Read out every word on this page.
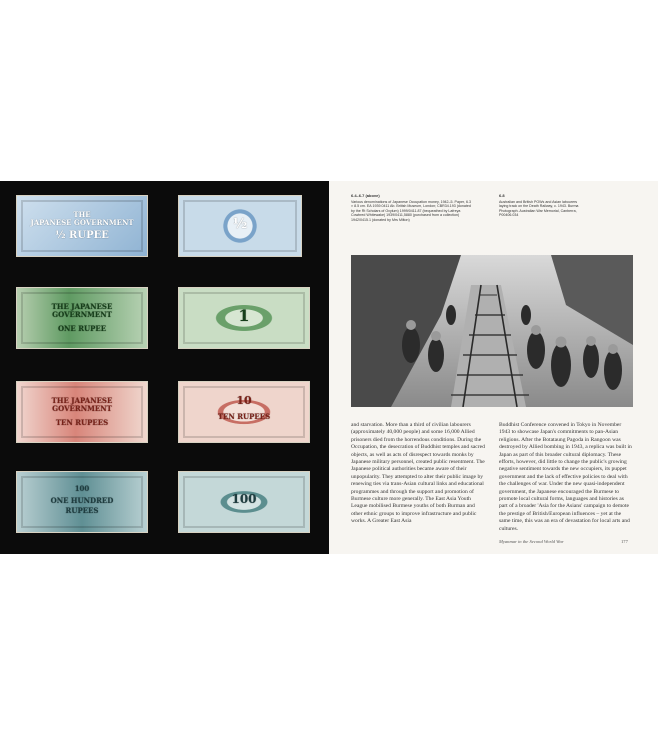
THE
JAPANESE GOVERNMENT
½ RUPEE
½
THE JAPANESE
GOVERNMENT
ONE RUPEE
1
THE JAPANESE
GOVERNMENT
TEN RUPEES
10
TEN RUPEES
100
ONE HUNDRED
RUPEES
100
6.4–6.7 (above)
Various denominations of Japanese Occupation money, 1942–5. Paper, 6.3 × 8.5 cm. EA 1939.0411 Ab. British Museum, London; CBR34.193 (donated by the Rt Scholars of Oxylum) 1999/0411.87 (bequeathed by Lafreya Cowbred Whitewake) 1939/0411,5880 (purchased from a collection) 1942/0415.1 (donated by Mrs Milton)
6.8
Australian and British POWs and Asian labourers laying track on the Death Railway, c. 1943. Burma Photograph. Australian War Memorial, Canberra, P00406.034
and starvation. More than a third of civilian labourers (approximately 40,000 people) and some 16,000 Allied prisoners died from the horrendous conditions. During the Occupation, the desecration of Buddhist temples and sacred objects, as well as acts of disrespect towards monks by Japanese military personnel, created public resentment. The Japanese political authorities became aware of their unpopularity. They attempted to alter their public image by renewing ties via trans-Asian cultural links and educational programmes and through the support and promotion of Burmese culture more generally. The East Asia Youth League mobilised Burmese youths of both Burman and other ethnic groups to improve infrastructure and public works. A Greater East Asia
Buddhist Conference convened in Tokyo in November 1943 to showcase Japan's commitments to pan-Asian religions. After the Botataung Pagoda in Rangoon was destroyed by Allied bombing in 1943, a replica was built in Japan as part of this broader cultural diplomacy. These efforts, however, did little to change the public's growing negative sentiment towards the new occupiers, its puppet government and the lack of effective policies to deal with the challenges of war. Under the new quasi-independent government, the Japanese encouraged the Burmese to promote local cultural forms, languages and histories as part of a broader 'Asia for the Asians' campaign to demote the prestige of British/European influences – yet at the same time, this was an era of devastation for local arts and cultures.
Myanmar in the Second World War	177
